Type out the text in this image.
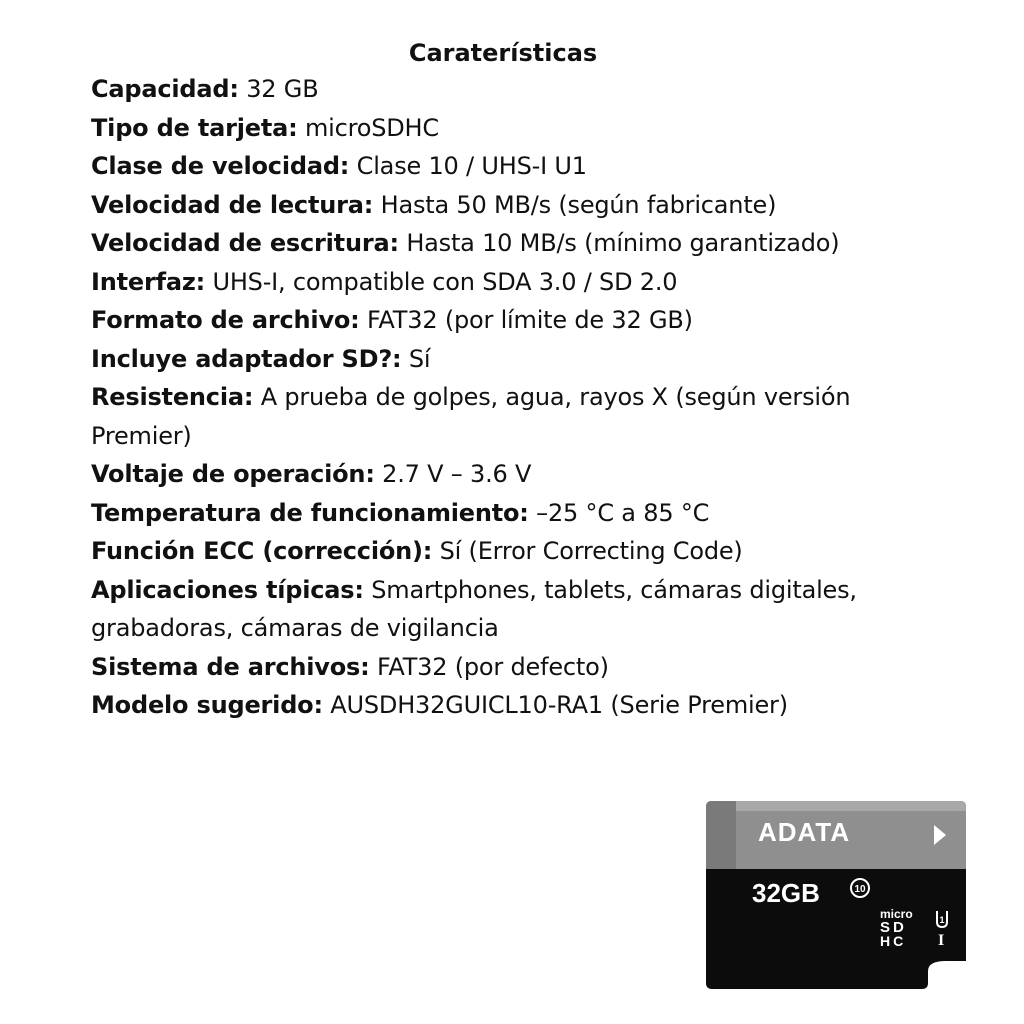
Caraterísticas

Capacidad: 32 GB

Tipo de tarjeta: microSDHC

Clase de velocidad: Clase 10 / UHS-I U1

Velocidad de lectura: Hasta 50 MB/s (según fabricante)

Velocidad de escritura: Hasta 10 MB/s (mínimo garantizado)

Interfaz: UHS-I, compatible con SDA 3.0 / SD 2.0

Formato de archivo: FAT32 (por límite de 32 GB)

Incluye adaptador SD?: Sí

Resistencia: A prueba de golpes, agua, rayos X (según versión Premier)

Voltaje de operación: 2.7 V – 3.6 V

Temperatura de funcionamiento: –25 °C a 85 °C

Función ECC (corrección): Sí (Error Correcting Code)

Aplicaciones típicas: Smartphones, tablets, cámaras digitales, grabadoras, cámaras de vigilancia

Sistema de archivos: FAT32 (por defecto)

Modelo sugerido: AUSDH32GUICL10-RA1 (Serie Premier)

ADATA
32GB	10
micro
SD
HC
1
I
